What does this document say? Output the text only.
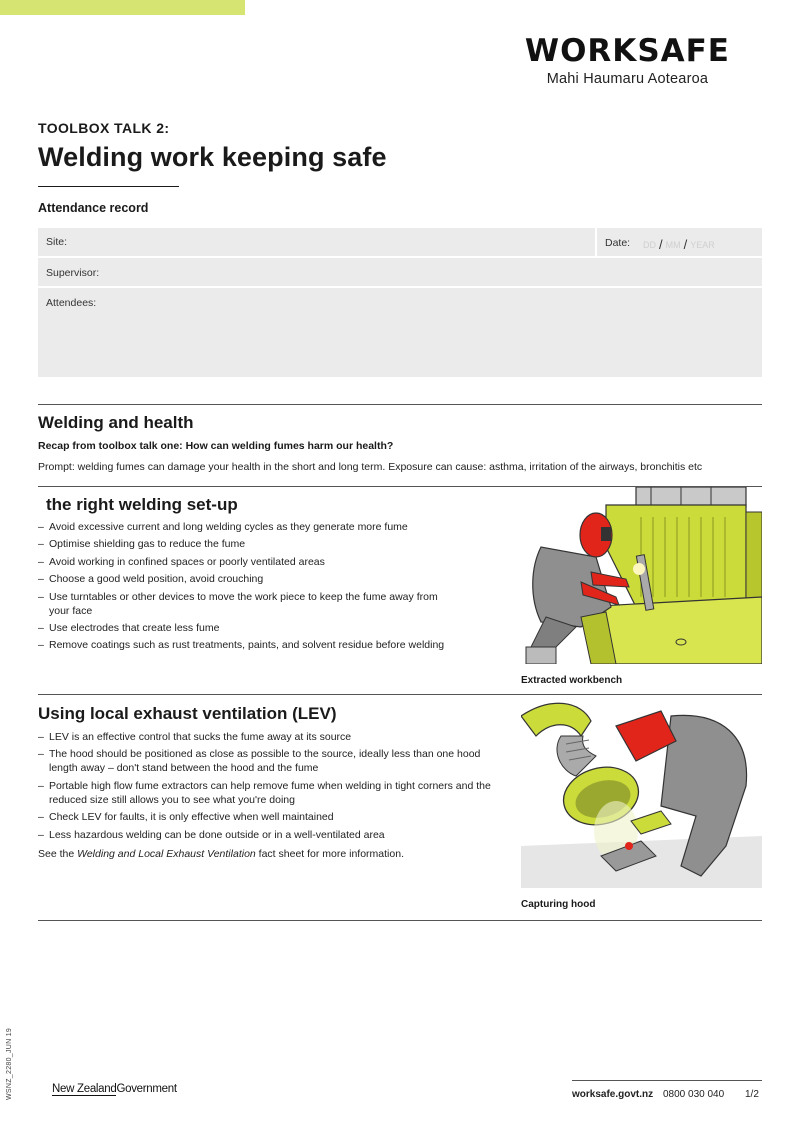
WORKSAFE
Mahi Haumaru Aotearoa
TOOLBOX TALK 2:
Welding work keeping safe
Attendance record
Site:	Date: DD / MM / YEAR
Supervisor:
Attendees:
Welding and health
Recap from toolbox talk one: How can welding fumes harm our health?
Prompt: welding fumes can damage your health in the short and long term. Exposure can cause: asthma, irritation of the airways, bronchitis etc
the right welding set-up
– Avoid excessive current and long welding cycles as they generate more fume
– Optimise shielding gas to reduce the fume
– Avoid working in confined spaces or poorly ventilated areas
– Choose a good weld position, avoid crouching
– Use turntables or other devices to move the work piece to keep the fume away from your face
– Use electrodes that create less fume
– Remove coatings such as rust treatments, paints, and solvent residue before welding
Extracted workbench
Using local exhaust ventilation (LEV)
– LEV is an effective control that sucks the fume away at its source
– The hood should be positioned as close as possible to the source, ideally less than one hood length away – don't stand between the hood and the fume
– Portable high flow fume extractors can help remove fume when welding in tight corners and the reduced size still allows you to see what you're doing
– Check LEV for faults, it is only effective when well maintained
– Less hazardous welding can be done outside or in a well-ventilated area
See the Welding and Local Exhaust Ventilation fact sheet for more information.
Capturing hood
WSNZ_2280_JUN 19	New ZealandGovernment	worksafe.govt.nz 0800 030 040 1/2
